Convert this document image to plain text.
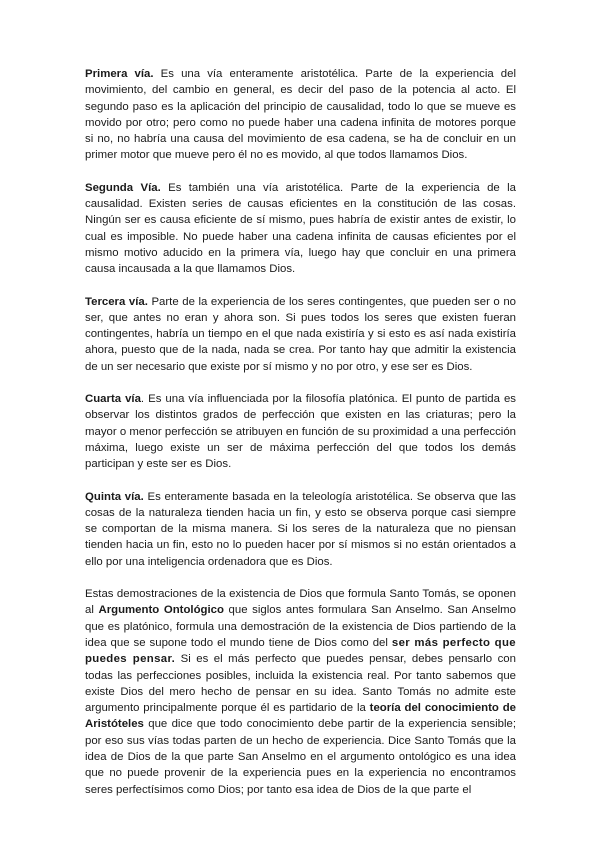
Primera vía. Es una vía enteramente aristotélica. Parte de la experiencia del movimiento, del cambio en general, es decir del paso de la potencia al acto. El segundo paso es la aplicación del principio de causalidad, todo lo que se mueve es movido por otro; pero como no puede haber una cadena infinita de motores porque si no, no habría una causa del movimiento de esa cadena, se ha de concluir en un primer motor que mueve pero él no es movido, al que todos llamamos Dios.

Segunda Vía. Es también una vía aristotélica. Parte de la experiencia de la causalidad. Existen series de causas eficientes en la constitución de las cosas. Ningún ser es causa eficiente de sí mismo, pues habría de existir antes de existir, lo cual es imposible. No puede haber una cadena infinita de causas eficientes por el mismo motivo aducido en la primera vía, luego hay que concluir en una primera causa incausada a la que llamamos Dios.

Tercera vía. Parte de la experiencia de los seres contingentes, que pueden ser o no ser, que antes no eran y ahora son. Si pues todos los seres que existen fueran contingentes, habría un tiempo en el que nada existiría y si esto es así nada existiría ahora, puesto que de la nada, nada se crea. Por tanto hay que admitir la existencia de un ser necesario que existe por sí mismo y no por otro, y ese ser es Dios.

Cuarta vía. Es una vía influenciada por la filosofía platónica. El punto de partida es observar los distintos grados de perfección que existen en las criaturas; pero la mayor o menor perfección se atribuyen en función de su proximidad a una perfección máxima, luego existe un ser de máxima perfección del que todos los demás participan y este ser es Dios.

Quinta vía. Es enteramente basada en la teleología aristotélica. Se observa que las cosas de la naturaleza tienden hacia un fin, y esto se observa porque casi siempre se comportan de la misma manera. Si los seres de la naturaleza que no piensan tienden hacia un fin, esto no lo pueden hacer por sí mismos si no están orientados a ello por una inteligencia ordenadora que es Dios.

Estas demostraciones de la existencia de Dios que formula Santo Tomás, se oponen al Argumento Ontológico que siglos antes formulara San Anselmo. San Anselmo que es platónico, formula una demostración de la existencia de Dios partiendo de la idea que se supone todo el mundo tiene de Dios como del ser más perfecto que puedes pensar. Si es el más perfecto que puedes pensar, debes pensarlo con todas las perfecciones posibles, incluida la existencia real. Por tanto sabemos que existe Dios del mero hecho de pensar en su idea. Santo Tomás no admite este argumento principalmente porque él es partidario de la teoría del conocimiento de Aristóteles que dice que todo conocimiento debe partir de la experiencia sensible; por eso sus vías todas parten de un hecho de experiencia. Dice Santo Tomás que la idea de Dios de la que parte San Anselmo en el argumento ontológico es una idea que no puede provenir de la experiencia pues en la experiencia no encontramos seres perfectísimos como Dios; por tanto esa idea de Dios de la que parte el
